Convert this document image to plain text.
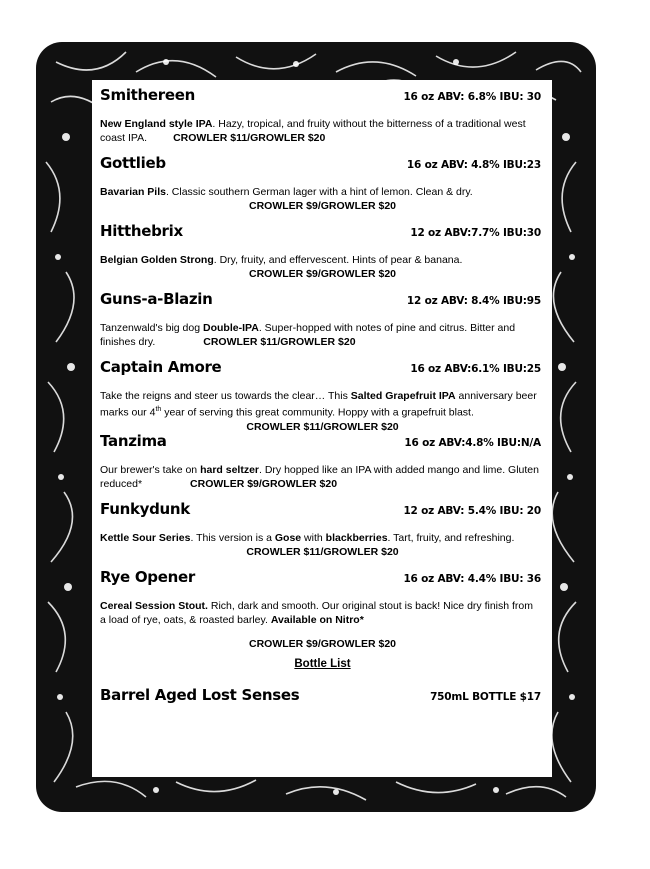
Smithereen	16 oz ABV: 6.8% IBU: 30
New England style IPA. Hazy, tropical, and fruity without the bitterness of a traditional west coast IPA. CROWLER $11/GROWLER $20
Gottlieb	16 oz ABV: 4.8% IBU:23
Bavarian Pils. Classic southern German lager with a hint of lemon. Clean & dry.
CROWLER $9/GROWLER $20
Hitthebrix	12 oz ABV:7.7% IBU:30
Belgian Golden Strong. Dry, fruity, and effervescent. Hints of pear & banana.
CROWLER $9/GROWLER $20
Guns-a-Blazin	12 oz ABV: 8.4% IBU:95
Tanzenwald's big dog Double-IPA. Super-hopped with notes of pine and citrus. Bitter and finishes dry.	CROWLER $11/GROWLER $20
Captain Amore	16 oz ABV:6.1% IBU:25
Take the reigns and steer us towards the clear… This Salted Grapefruit IPA anniversary beer marks our 4th year of serving this great community. Hoppy with a grapefruit blast.
CROWLER $11/GROWLER $20
Tanzima	16 oz ABV:4.8% IBU:N/A
Our brewer's take on hard seltzer. Dry hopped like an IPA with added mango and lime. Gluten reduced*	CROWLER $9/GROWLER $20
Funkydunk	12 oz ABV: 5.4% IBU: 20
Kettle Sour Series. This version is a Gose with blackberries. Tart, fruity, and refreshing.
CROWLER $11/GROWLER $20
Rye Opener	16 oz ABV: 4.4% IBU: 36
Cereal Session Stout. Rich, dark and smooth. Our original stout is back! Nice dry finish from a load of rye, oats, & roasted barley. Available on Nitro*
CROWLER $9/GROWLER $20
Bottle List
Barrel Aged Lost Senses	750mL BOTTLE $17
